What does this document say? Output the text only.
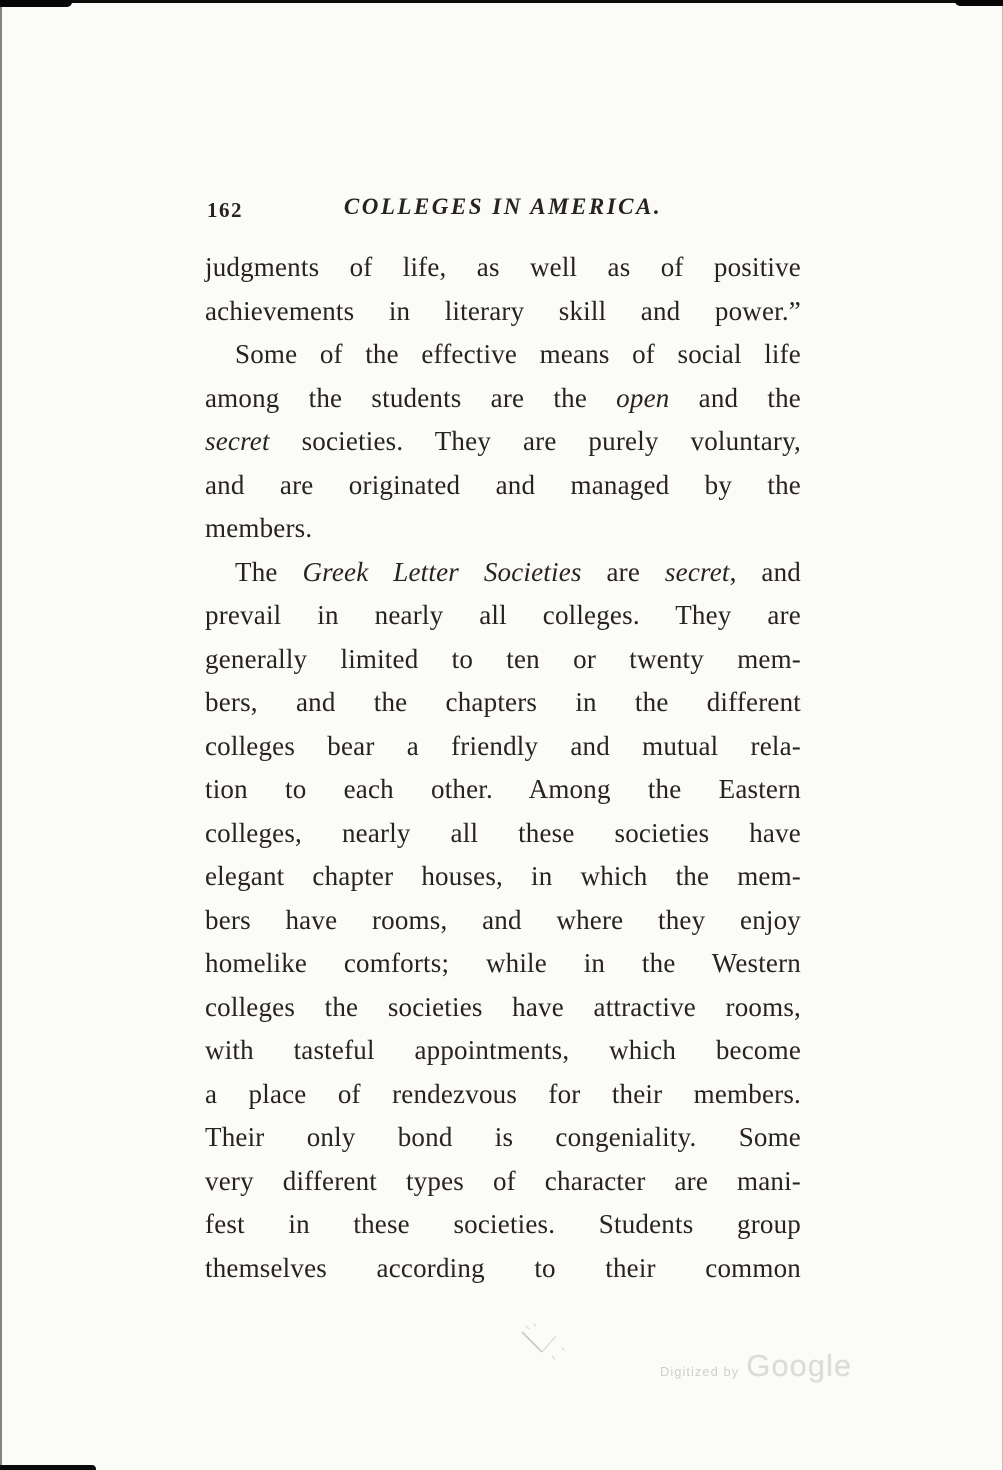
162	COLLEGES IN AMERICA.
judgments of life, as well as of positive
achievements in literary skill and power.”
Some of the effective means of social life
among the students are the open and the
secret societies. They are purely voluntary,
and are originated and managed by the
members.
The Greek Letter Societies are secret, and
prevail in nearly all colleges. They are
generally limited to ten or twenty mem-
bers, and the chapters in the different
colleges bear a friendly and mutual rela-
tion to each other. Among the Eastern
colleges, nearly all these societies have
elegant chapter houses, in which the mem-
bers have rooms, and where they enjoy
homelike comforts; while in the Western
colleges the societies have attractive rooms,
with tasteful appointments, which become
a place of rendezvous for their members.
Their only bond is congeniality. Some
very different types of character are mani-
fest in these societies. Students group
themselves according to their common
Digitized by Google
